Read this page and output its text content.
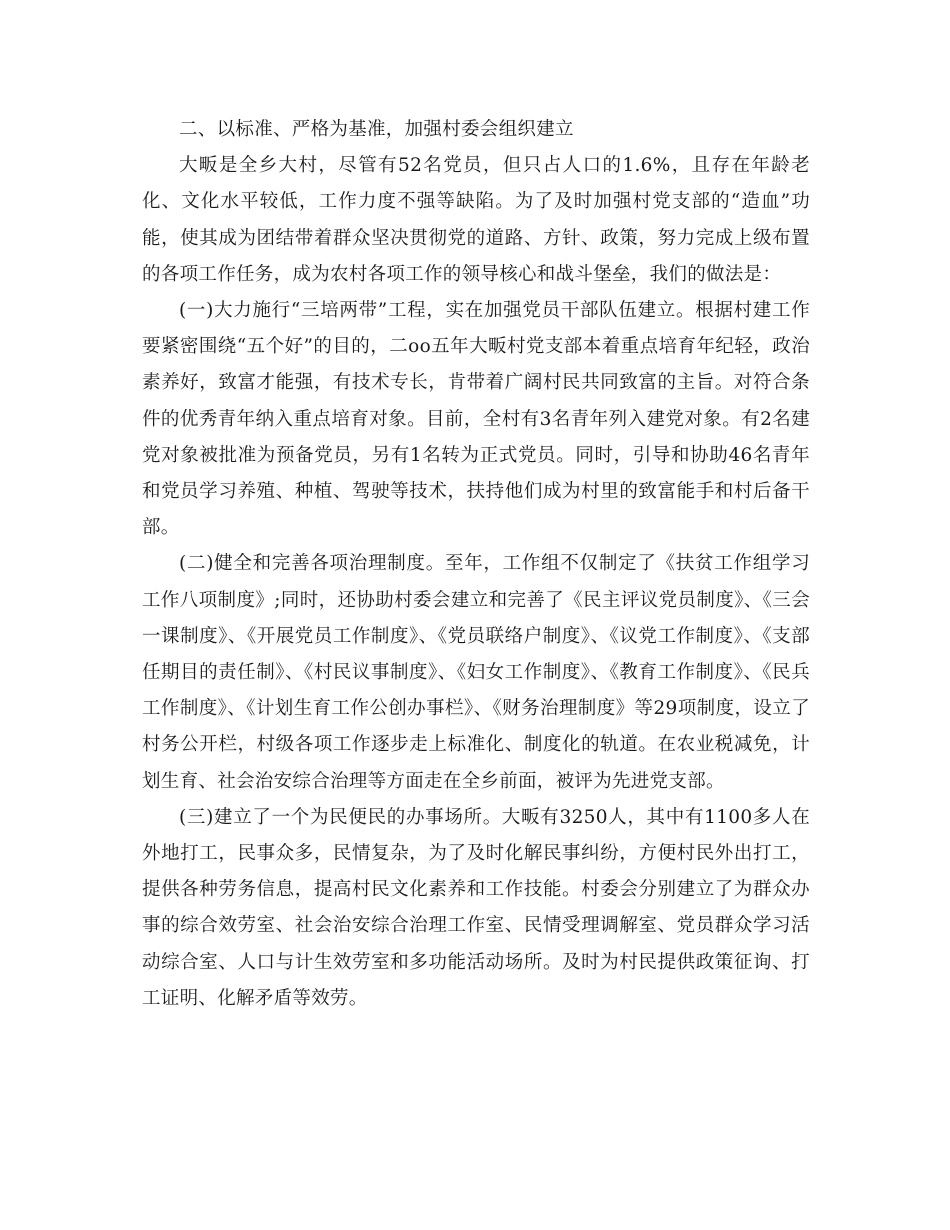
二、以标准、严格为基准，加强村委会组织建立

大畈是全乡大村，尽管有52名党员，但只占人口的1.6%，且存在年龄老化、文化水平较低，工作力度不强等缺陷。为了及时加强村党支部的“造血”功能，使其成为团结带着群众坚决贯彻党的道路、方针、政策，努力完成上级布置的各项工作任务，成为农村各项工作的领导核心和战斗堡垒，我们的做法是：

(一)大力施行“三培两带”工程，实在加强党员干部队伍建立。根据村建工作要紧密围绕“五个好”的目的，二oo五年大畈村党支部本着重点培育年纪轻，政治素养好，致富才能强，有技术专长，肯带着广阔村民共同致富的主旨。对符合条件的优秀青年纳入重点培育对象。目前，全村有3名青年列入建党对象。有2名建党对象被批准为预备党员，另有1名转为正式党员。同时，引导和协助46名青年和党员学习养殖、种植、驾驶等技术，扶持他们成为村里的致富能手和村后备干部。

(二)健全和完善各项治理制度。至年，工作组不仅制定了《扶贫工作组学习工作八项制度》;同时，还协助村委会建立和完善了《民主评议党员制度》、《三会一课制度》、《开展党员工作制度》、《党员联络户制度》、《议党工作制度》、《支部任期目的责任制》、《村民议事制度》、《妇女工作制度》、《教育工作制度》、《民兵工作制度》、《计划生育工作公创办事栏》、《财务治理制度》等29项制度，设立了村务公开栏，村级各项工作逐步走上标准化、制度化的轨道。在农业税减免，计划生育、社会治安综合治理等方面走在全乡前面，被评为先进党支部。

(三)建立了一个为民便民的办事场所。大畈有3250人，其中有1100多人在外地打工，民事众多，民情复杂，为了及时化解民事纠纷，方便村民外出打工，提供各种劳务信息，提高村民文化素养和工作技能。村委会分别建立了为群众办事的综合效劳室、社会治安综合治理工作室、民情受理调解室、党员群众学习活动综合室、人口与计生效劳室和多功能活动场所。及时为村民提供政策征询、打工证明、化解矛盾等效劳。
